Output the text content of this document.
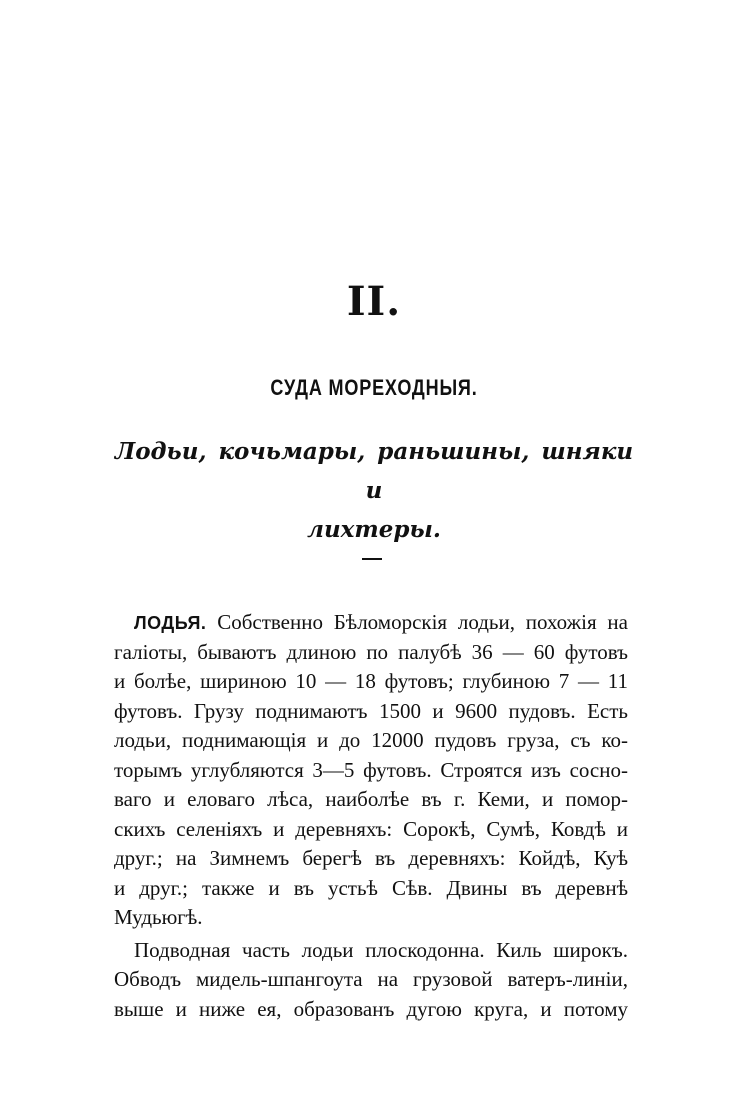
II.
СУДА МОРЕХОДНЫЯ.
Лодьи, кочьмары, раньшины, шняки и
лихтеры.
ЛОДЬЯ. Собственно Бѣломорскія лодьи, похожія на
галіоты, бываютъ длиною по палубѣ 36 — 60 футовъ
и болѣе, шириною 10 — 18 футовъ; глубиною 7 — 11
футовъ. Грузу поднимаютъ 1500 и 9600 пудовъ. Есть
лодьи, поднимающія и до 12000 пудовъ груза, съ ко-
торымъ углубляются 3—5 футовъ. Строятся изъ сосно-
ваго и еловаго лѣса, наиболѣе въ г. Кеми, и помор-
скихъ селеніяхъ и деревняхъ: Сорокѣ, Сумѣ, Ковдѣ и
друг.; на Зимнемъ берегѣ въ деревняхъ: Койдѣ, Куѣ
и друг.; также и въ устьѣ Сѣв. Двины въ деревнѣ
Мудьюгѣ.
Подводная часть лодьи плоскодонна. Киль широкъ.
Обводъ мидель-шпангоута на грузовой ватеръ-линіи,
выше и ниже ея, образованъ дугою круга, и потому
